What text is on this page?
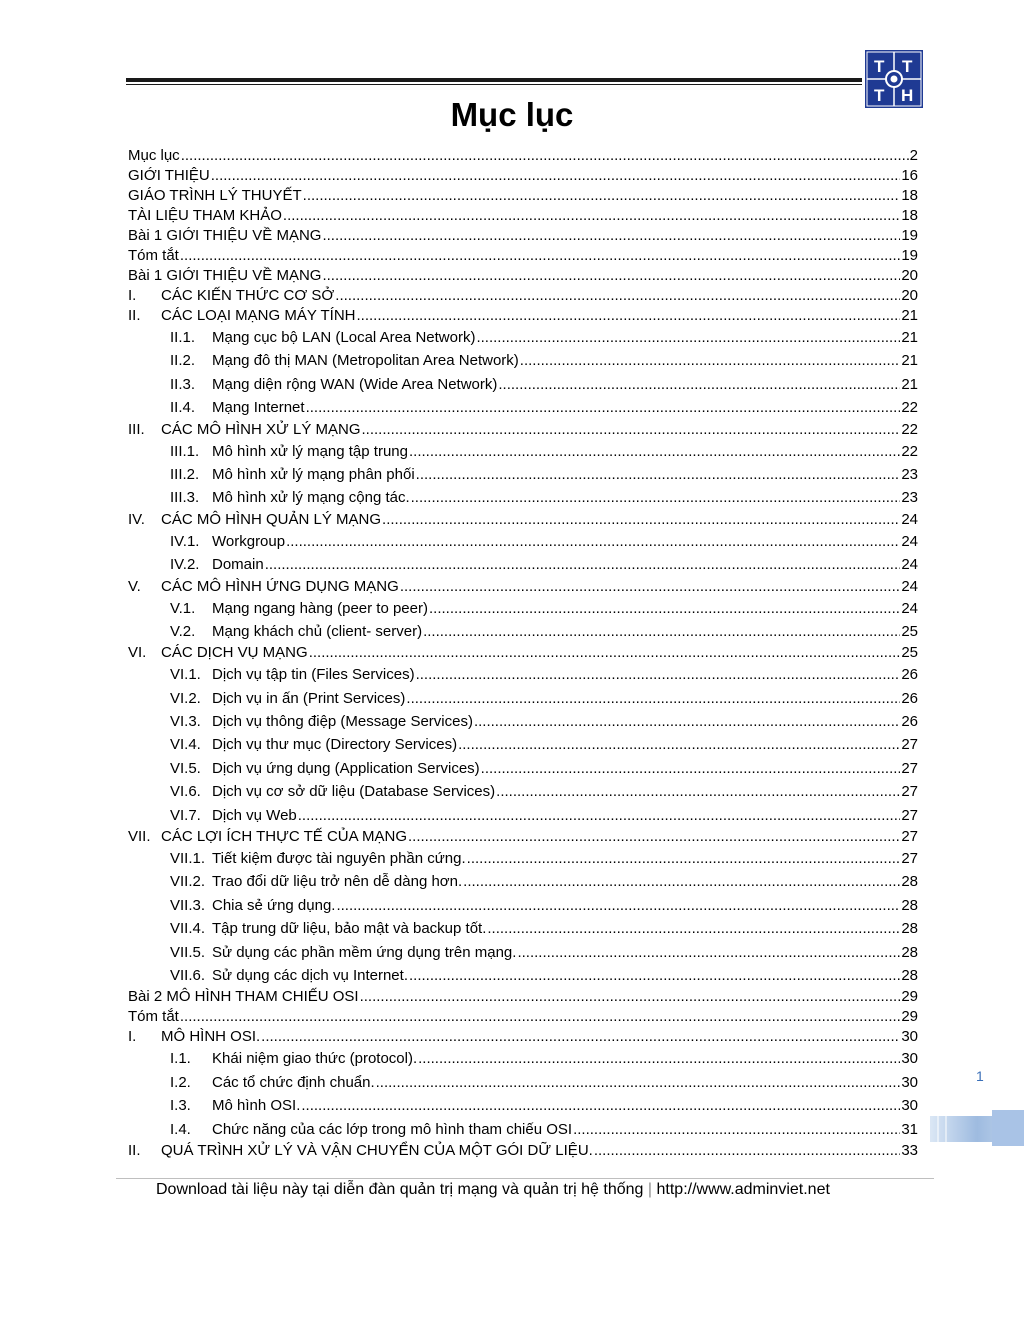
T T
T H
Mục lục
Mục lục .....	2
GIỚI THIỆU .....	16
GIÁO TRÌNH LÝ THUYẾT .....	18
TÀI LIỆU THAM KHẢO .....	18
Bài 1 GIỚI THIỆU VỀ MẠNG .....	19
Tóm tắt .....	19
Bài 1 GIỚI THIỆU VỀ MẠNG .....	20
I.	CÁC KIẾN THỨC CƠ SỞ .....	20
II.	CÁC LOẠI MẠNG MÁY TÍNH .....	21
II.1.	Mạng cục bộ LAN (Local Area Network) .....	21
II.2.	Mạng đô thị MAN (Metropolitan Area Network) .....	21
II.3.	Mạng diện rộng WAN (Wide Area Network) .....	21
II.4.	Mạng Internet .....	22
III.	CÁC MÔ HÌNH XỬ LÝ MẠNG .....	22
III.1. Mô hình xử lý mạng tập trung .....	22
III.2. Mô hình xử lý mạng phân phối .....	23
III.3. Mô hình xử lý mạng cộng tác. .....	23
IV.	CÁC MÔ HÌNH QUẢN LÝ MẠNG .....	24
IV.1. Workgroup .....	24
IV.2. Domain .....	24
V.	CÁC MÔ HÌNH ỨNG DỤNG MẠNG .....	24
V.1.	Mạng ngang hàng (peer to peer) .....	24
V.2.	Mạng khách chủ (client- server) .....	25
VI. CÁC DỊCH VỤ MẠNG .....	25
VI.1. Dịch vụ tập tin (Files Services) .....	26
VI.2. Dịch vụ in ấn (Print Services) .....	26
VI.3. Dịch vụ thông điệp (Message Services) .....	26
VI.4. Dịch vụ thư mục (Directory Services) .....	27
VI.5. Dịch vụ ứng dụng (Application Services) .....	27
VI.6. Dịch vụ cơ sở dữ liệu (Database Services) .....	27
VI.7. Dịch vụ Web .....	27
VII. CÁC LỢI ÍCH THỰC TẾ CỦA MẠNG .....	27
VII.1. Tiết kiệm được tài nguyên phần cứng. .....	27
VII.2. Trao đổi dữ liệu trở nên dễ dàng hơn. .....	28
VII.3. Chia sẻ ứng dụng. .....	28
VII.4. Tập trung dữ liệu, bảo mật và backup tốt. .....	28
VII.5. Sử dụng các phần mềm ứng dụng trên mạng. .....	28
VII.6. Sử dụng các dịch vụ Internet. .....	28
Bài 2 MÔ HÌNH THAM CHIẾU OSI .....	29
Tóm tắt .....	29
I.	MÔ HÌNH OSI. .....	30
I.1.	Khái niệm giao thức (protocol). .....	30
I.2.	Các tổ chức định chuẩn. .....	30
I.3.	Mô hình OSI. .....	30
I.4.	Chức năng của các lớp trong mô hình tham chiếu OSI .....	31
II.	QUÁ TRÌNH XỬ LÝ VÀ VẬN CHUYỂN CỦA MỘT GÓI DỮ LIỆU. .....	33
1
Download tài liệu này tại diễn đàn quản trị mạng và quản trị hệ thống | http://www.adminviet.net
